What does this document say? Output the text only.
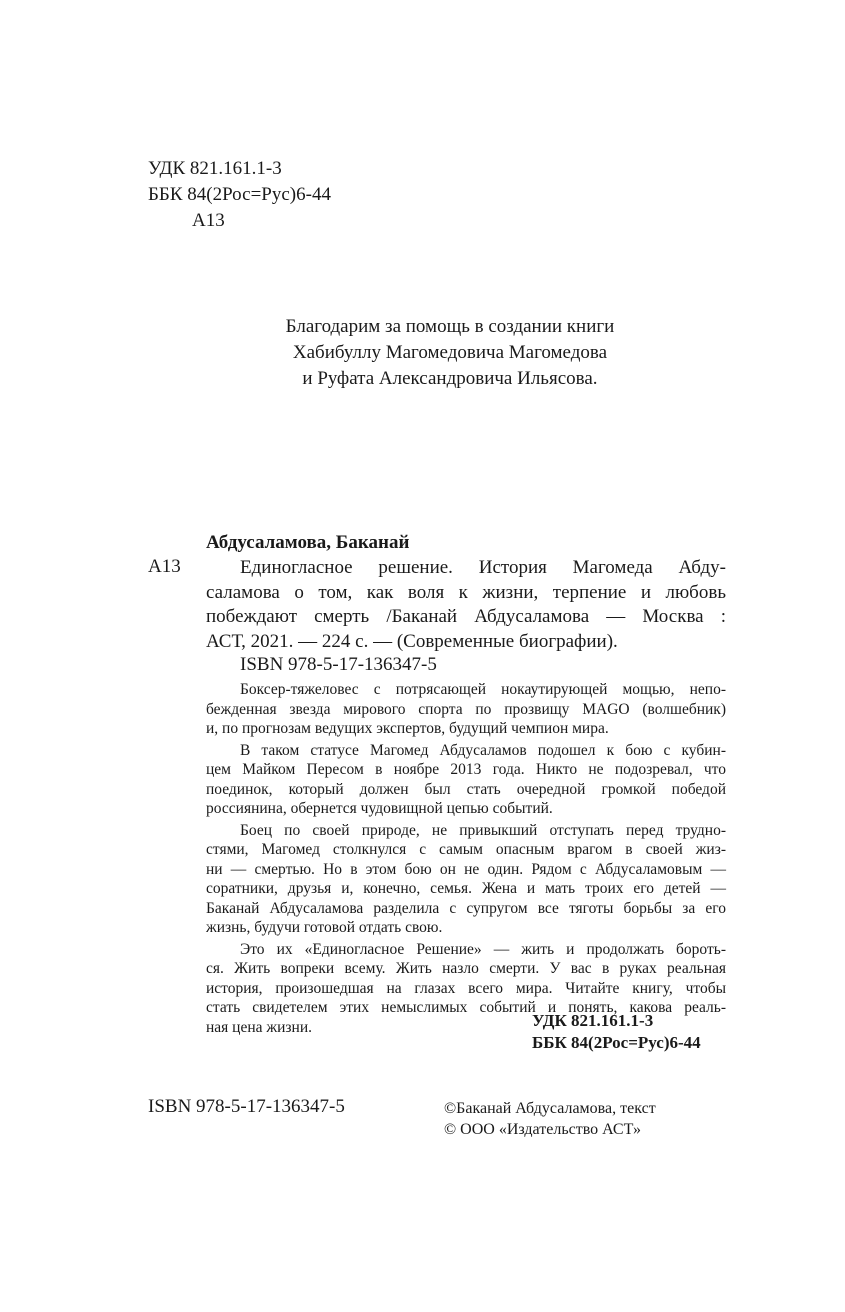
УДК 821.161.1-3
ББК 84(2Рос=Рус)6-44
А13
Благодарим за помощь в создании книги
Хабибуллу Магомедовича Магомедова
и Руфата Александровича Ильясова.
Абдусаламова, Баканай
А13	Единогласное решение. История Магомеда Абду-
саламова о том, как воля к жизни, терпение и любовь
побеждают смерть /Баканай Абдусаламова — Москва :
АСТ, 2021. — 224 с. — (Современные биографии).
ISBN 978-5-17-136347-5
Боксер-тяжеловес с потрясающей нокаутирующей мощью, непо-
бежденная звезда мирового спорта по прозвищу MAGO (волшебник)
и, по прогнозам ведущих экспертов, будущий чемпион мира.
В таком статусе Магомед Абдусаламов подошел к бою с кубин-
цем Майком Пересом в ноябре 2013 года. Никто не подозревал, что
поединок, который должен был стать очередной громкой победой
россиянина, обернется чудовищной цепью событий.
Боец по своей природе, не привыкший отступать перед трудно-
стями, Магомед столкнулся с самым опасным врагом в своей жиз-
ни — смертью. Но в этом бою он не один. Рядом с Абдусаламовым —
соратники, друзья и, конечно, семья. Жена и мать троих его детей —
Баканай Абдусаламова разделила с супругом все тяготы борьбы за его
жизнь, будучи готовой отдать свою.
Это их «Единогласное Решение» — жить и продолжать бороть-
ся. Жить вопреки всему. Жить назло смерти. У вас в руках реальная
история, произошедшая на глазах всего мира. Читайте книгу, чтобы
стать свидетелем этих немыслимых событий и понять, какова реаль-
ная цена жизни.	УДК 821.161.1-3
ББК 84(2Рос=Рус)6-44
ISBN 978-5-17-136347-5	©Баканай Абдусаламова, текст
© ООО «Издательство АСТ»
